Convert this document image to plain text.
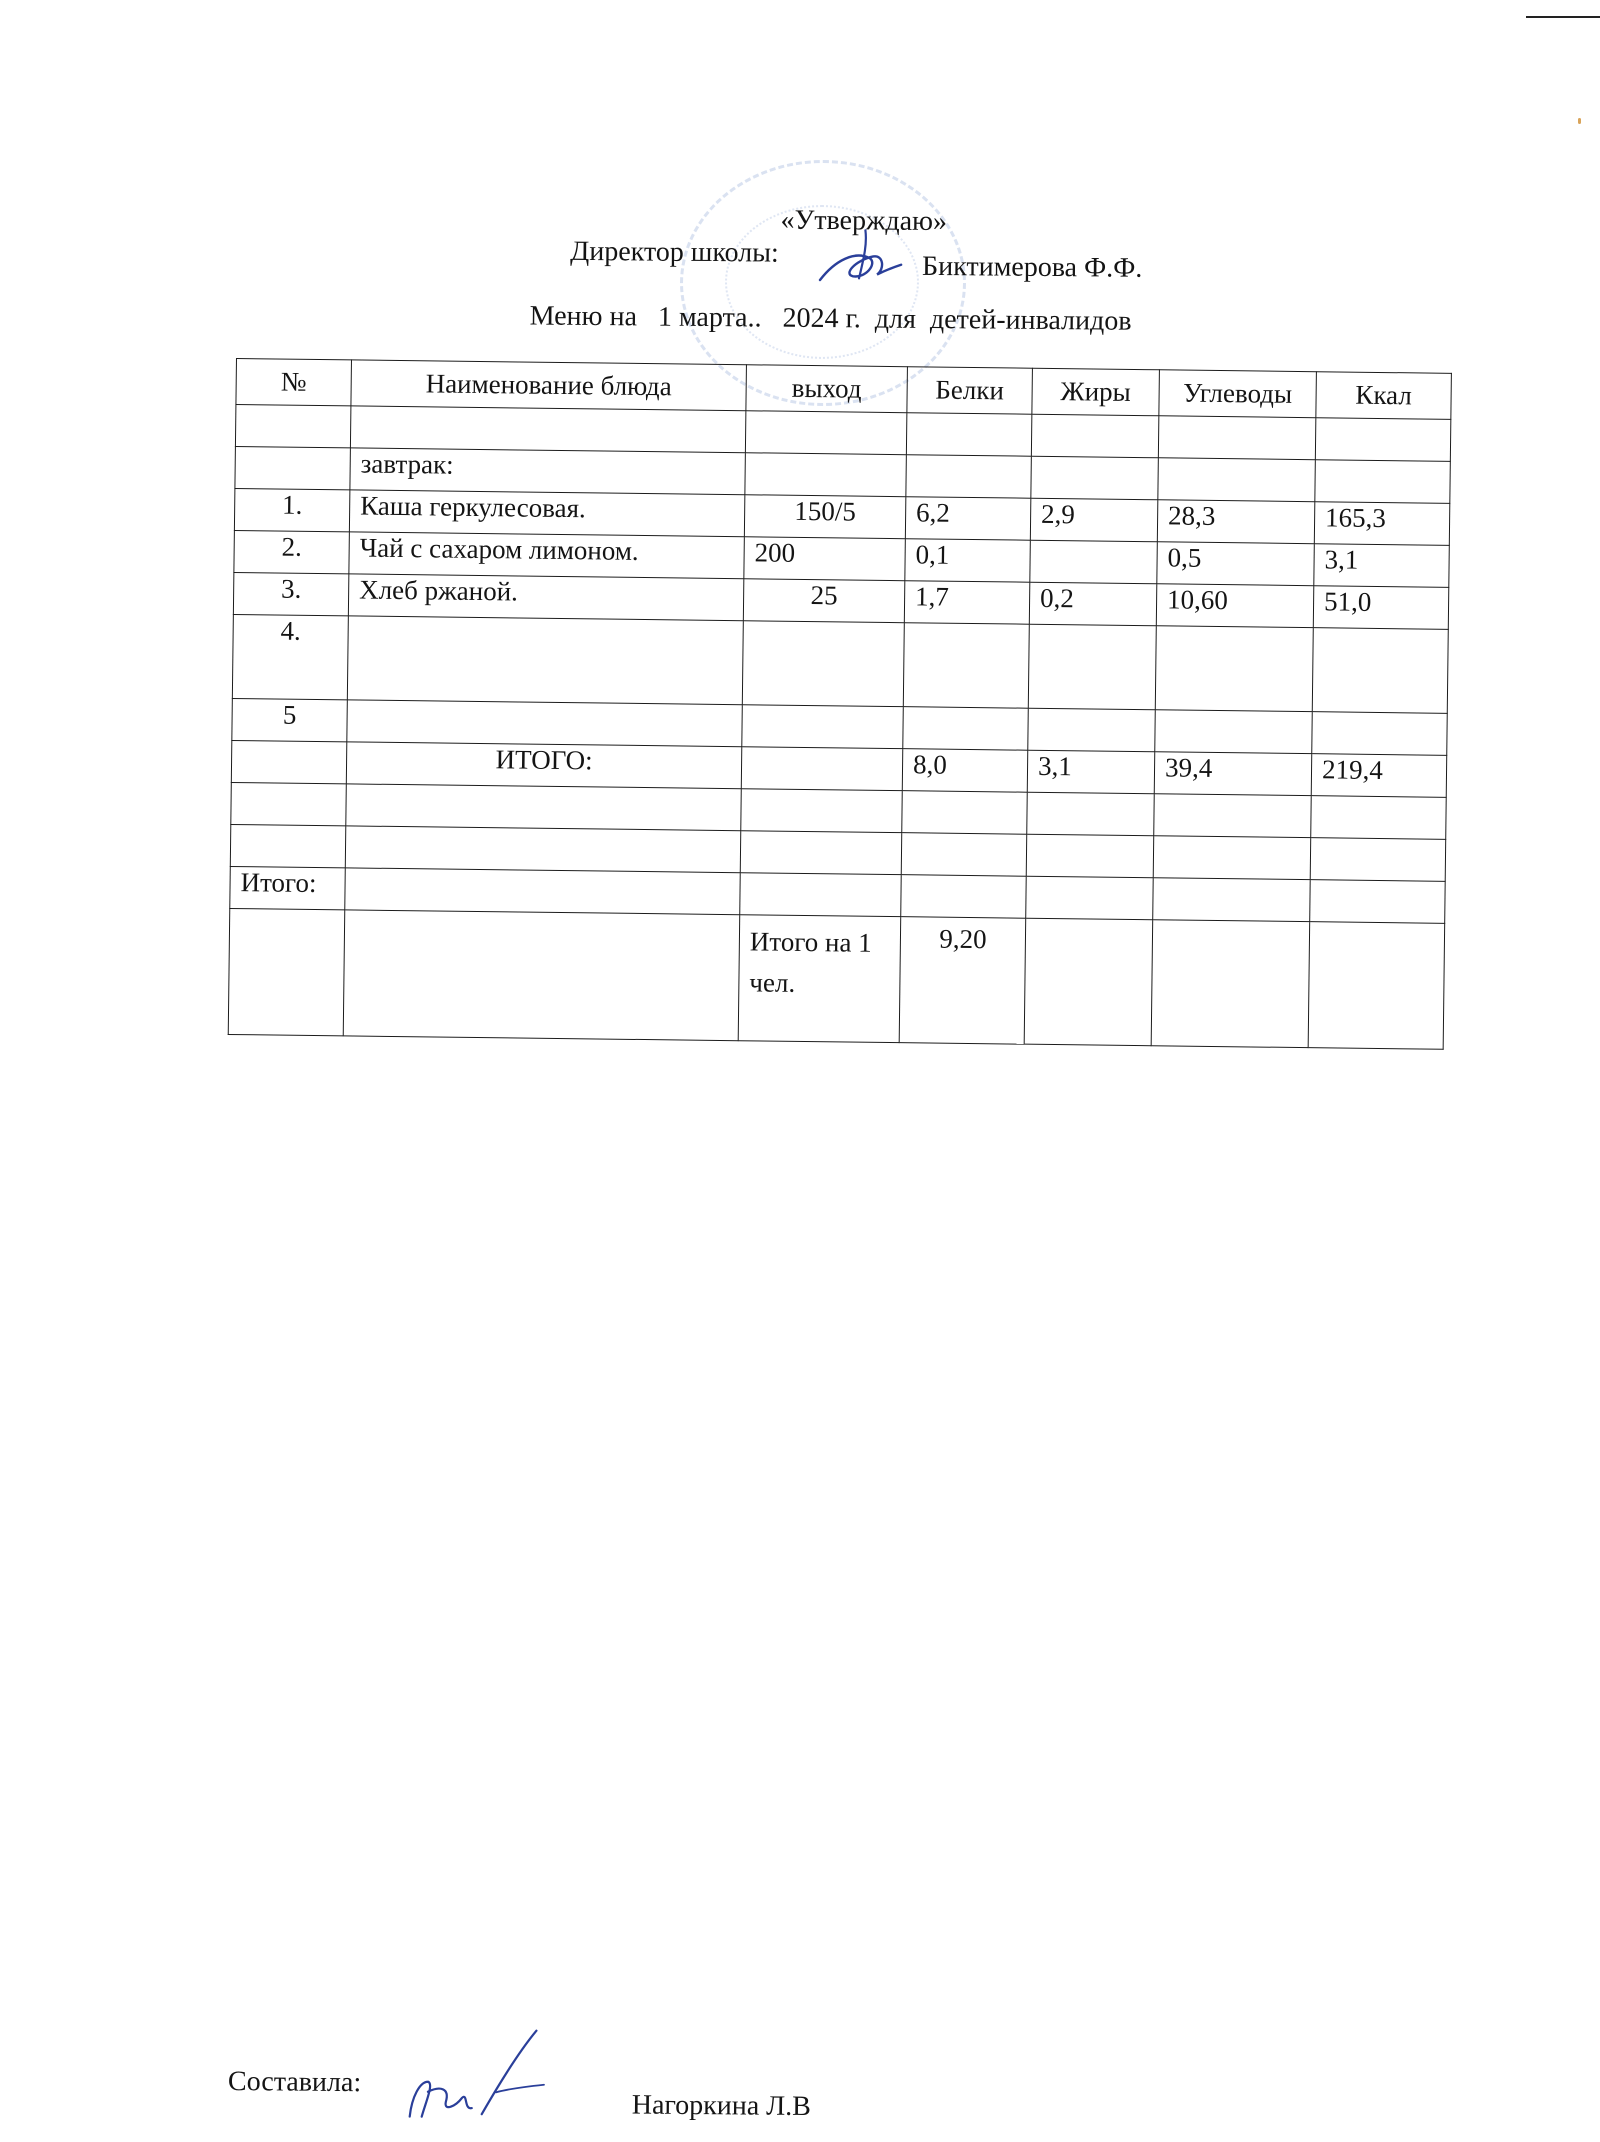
«Утверждаю»
Директор школы:	Биктимерова Ф.Ф.
Меню на   1 марта..   2024 г.  для  детей-инвалидов
№	Наименование блюда	выход	Белки	Жиры	Углеводы	Ккал

	завтрак:					
1.	Каша геркулесовая.	150/5	6,2	2,9	28,3	165,3
2.	Чай с сахаром лимоном.	200	0,1		0,5	3,1
3.	Хлеб ржаной.	25	1,7	0,2	10,60	51,0
4.						
5						
	ИТОГО:		8,0	3,1	39,4	219,4

Итого:						
		Итого на 1 чел.	9,20			
Составила:
Нагоркина Л.В
